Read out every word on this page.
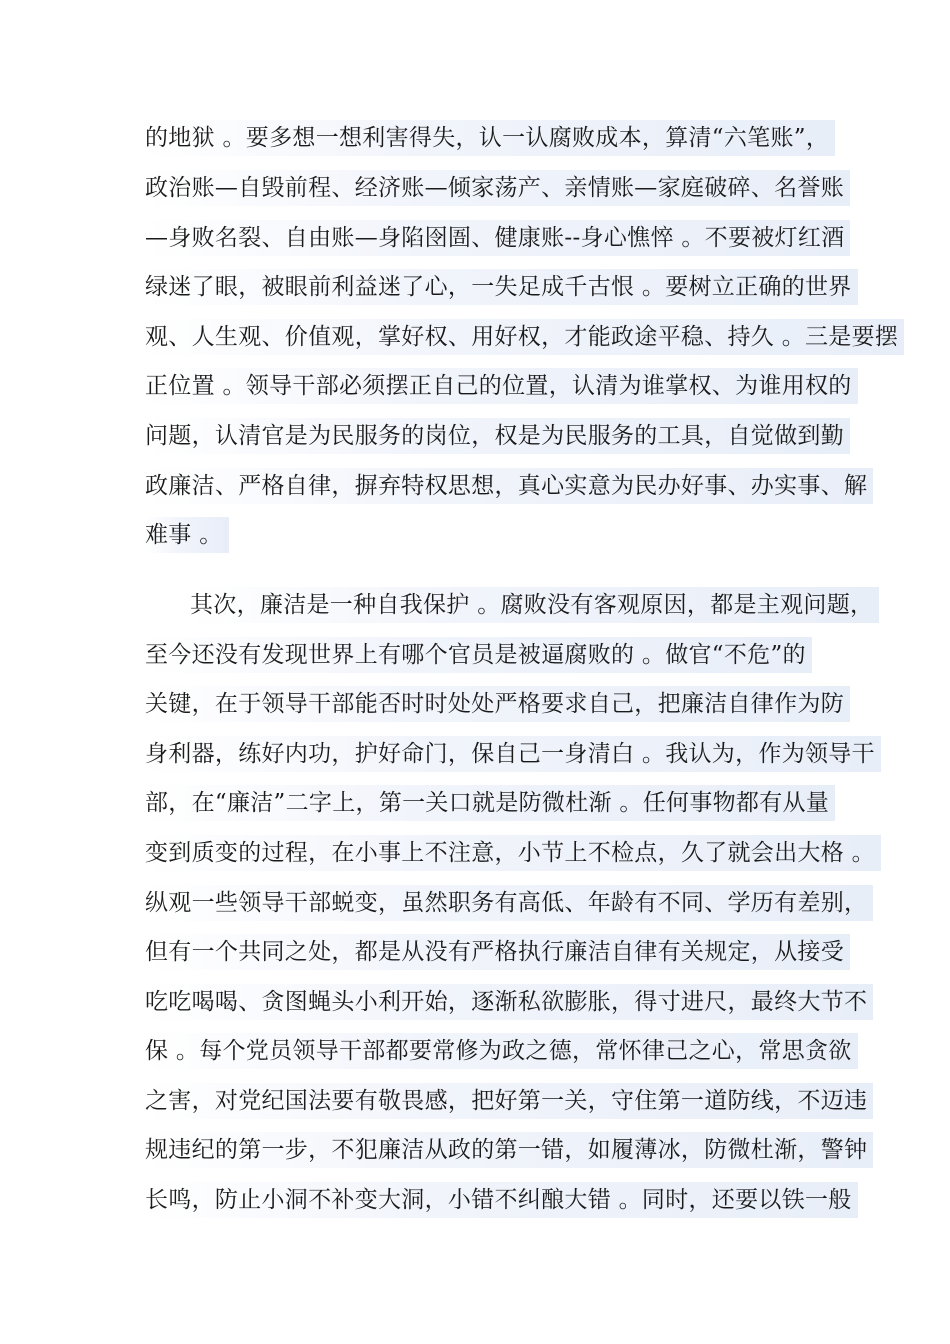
的地狱 。要多想一想利害得失，认一认腐败成本，算清“六笔账”，
政治账—自毁前程、经济账—倾家荡产、亲情账—家庭破碎、名誉账
—身败名裂、自由账—身陷囹圄、健康账--身心憔悴 。不要被灯红酒
绿迷了眼，被眼前利益迷了心，一失足成千古恨 。要树立正确的世界
观、人生观、价值观，掌好权、用好权，才能政途平稳、持久 。三是要摆
正位置 。领导干部必须摆正自己的位置，认清为谁掌权、为谁用权的
问题，认清官是为民服务的岗位，权是为民服务的工具，自觉做到勤
政廉洁、严格自律，摒弃特权思想，真心实意为民办好事、办实事、解
难事 。
其次，廉洁是一种自我保护 。腐败没有客观原因，都是主观问题，
至今还没有发现世界上有哪个官员是被逼腐败的 。做官“不危”的
关键，在于领导干部能否时时处处严格要求自己，把廉洁自律作为防
身利器，练好内功，护好命门，保自己一身清白 。我认为，作为领导干
部，在“廉洁”二字上，第一关口就是防微杜渐 。任何事物都有从量
变到质变的过程，在小事上不注意，小节上不检点，久了就会出大格 。
纵观一些领导干部蜕变，虽然职务有高低、年龄有不同、学历有差别，
但有一个共同之处，都是从没有严格执行廉洁自律有关规定，从接受
吃吃喝喝、贪图蝇头小利开始，逐渐私欲膨胀，得寸进尺，最终大节不
保 。每个党员领导干部都要常修为政之德，常怀律己之心，常思贪欲
之害，对党纪国法要有敬畏感，把好第一关，守住第一道防线，不迈违
规违纪的第一步，不犯廉洁从政的第一错，如履薄冰，防微杜渐，警钟
长鸣，防止小洞不补变大洞，小错不纠酿大错 。同时，还要以铁一般
